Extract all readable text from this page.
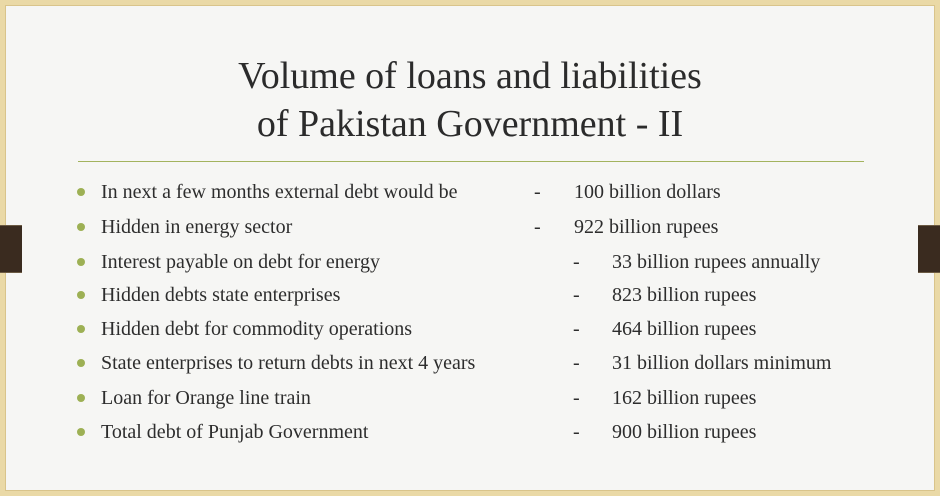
Volume of loans and liabilities
of Pakistan Government - II
In next a few months external debt would be	- 100 billion dollars
Hidden in energy sector	- 922 billion rupees
Interest payable on debt for energy	- 33 billion rupees annually
Hidden debts state enterprises	- 823 billion rupees
Hidden debt for commodity operations	- 464 billion rupees
State enterprises to return debts in next 4 years	- 31 billion dollars minimum
Loan for Orange line train	- 162 billion rupees
Total debt of Punjab Government	- 900 billion rupees
